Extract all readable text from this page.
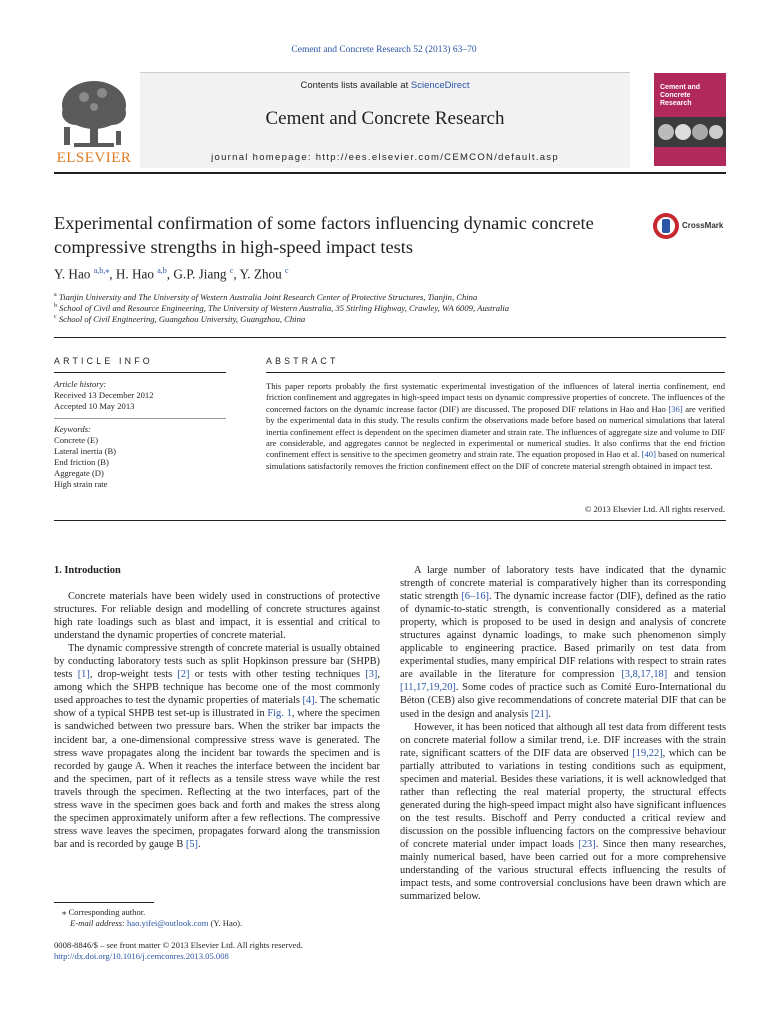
Cement and Concrete Research 52 (2013) 63–70
Contents lists available at ScienceDirect
Cement and Concrete Research
journal homepage: http://ees.elsevier.com/CEMCON/default.asp
ELSEVIER
Cement and Concrete Research
CrossMark
Experimental confirmation of some factors influencing dynamic concrete compressive strengths in high-speed impact tests
Y. Hao $^{a,b,⁎}$, H. Hao $^{a,b}$, G.P. Jiang $^c$, Y. Zhou $^c$
$^a$ Tianjin University and The University of Western Australia Joint Research Center of Protective Structures, Tianjin, China
$^b$ School of Civil and Resource Engineering, The University of Western Australia, 35 Stirling Highway, Crawley, WA 6009, Australia
$^c$ School of Civil Engineering, Guangzhou University, Guangzhou, China
ARTICLE INFO
Article history:
Received 13 December 2012
Accepted 10 May 2013
Keywords:
Concrete (E)
Lateral inertia (B)
End friction (B)
Aggregate (D)
High strain rate
ABSTRACT
This paper reports probably the first systematic experimental investigation of the influences of lateral inertia confinement, end friction confinement and aggregates in high-speed impact tests on dynamic compressive properties of concrete. The influences of the concerned factors on the dynamic increase factor (DIF) are discussed. The proposed DIF relations in Hao and Hao [36] are verified by the experimental data in this study. The results confirm the observations made before based on numerical simulations that lateral inertia confinement effect is dependent on the specimen diameter and strain rate. The influences of aggregate size and volume to DIF are considerable, and aggregates cannot be neglected in experimental or numerical studies. It also confirms that the end friction confinement effect is sensitive to the specimen geometry and strain rate. The equation proposed in Hao et al. [40] based on numerical simulations satisfactorily removes the friction confinement effect on the DIF of concrete material strength obtained in impact test.
© 2013 Elsevier Ltd. All rights reserved.
1. Introduction

Concrete materials have been widely used in constructions of protective structures. For reliable design and modelling of concrete structures against high rate loadings such as blast and impact, it is essential and critical to understand the dynamic properties of concrete material.

The dynamic compressive strength of concrete material is usually obtained by conducting laboratory tests such as split Hopkinson pressure bar (SHPB) tests [1], drop-weight tests [2] or tests with other testing techniques [3], among which the SHPB technique has become one of the most commonly used approaches to test the dynamic properties of materials [4]. The schematic show of a typical SHPB test set-up is illustrated in Fig. 1, where the specimen is sandwiched between two pressure bars. When the striker bar impacts the incident bar, a one-dimensional compressive stress wave is generated. The stress wave propagates along the incident bar towards the specimen and is recorded by gauge A. When it reaches the interface between the incident bar and the specimen, part of it reflects as a tensile stress wave while the rest travels through the specimen. Reflecting at the two interfaces, part of the stress wave in the specimen goes back and forth and makes the stress along the specimen approximately uniform after a few reflections. The compressive stress wave leaves the specimen, propagates forward along the transmission bar and is recorded by gauge B [5].

A large number of laboratory tests have indicated that the dynamic strength of concrete material is comparatively higher than its corresponding static strength [6–16]. The dynamic increase factor (DIF), defined as the ratio of dynamic-to-static strength, is conventionally considered as a material property, which is proposed to be used in design and analysis of concrete structures against dynamic loadings, to make such phenomenon simply applicable to engineering practice. Based primarily on test data from experimental studies, many empirical DIF relations with respect to strain rates are available in the literature for compression [3,8,17,18] and tension [11,17,19,20]. Some codes of practice such as Comité Euro-International du Béton (CEB) also give recommendations of concrete material DIF that can be used in the design and analysis [21].

However, it has been noticed that although all test data from different tests on concrete material follow a similar trend, i.e. DIF increases with the strain rate, significant scatters of the DIF data are observed [19,22], which can be partially attributed to variations in testing conditions such as equipment, specimen and material. Besides these variations, it is well acknowledged that rather than reflecting the real material property, the structural effects generated during the high-speed impact might also have significant influences on the test results. Bischoff and Perry conducted a critical review and discussion on the possible influencing factors on the compressive behaviour of concrete material under impact loads [23]. Since then many researches, mainly numerical based, have been carried out for a more comprehensive understanding of the various structural effects influencing the results of impact tests, and some controversial conclusions have been drawn which are summarized below.

⁎ Corresponding author.
E-mail address: hao.yifei@outlook.com (Y. Hao).
0008-8846/$ – see front matter © 2013 Elsevier Ltd. All rights reserved.
http://dx.doi.org/10.1016/j.cemconres.2013.05.008
